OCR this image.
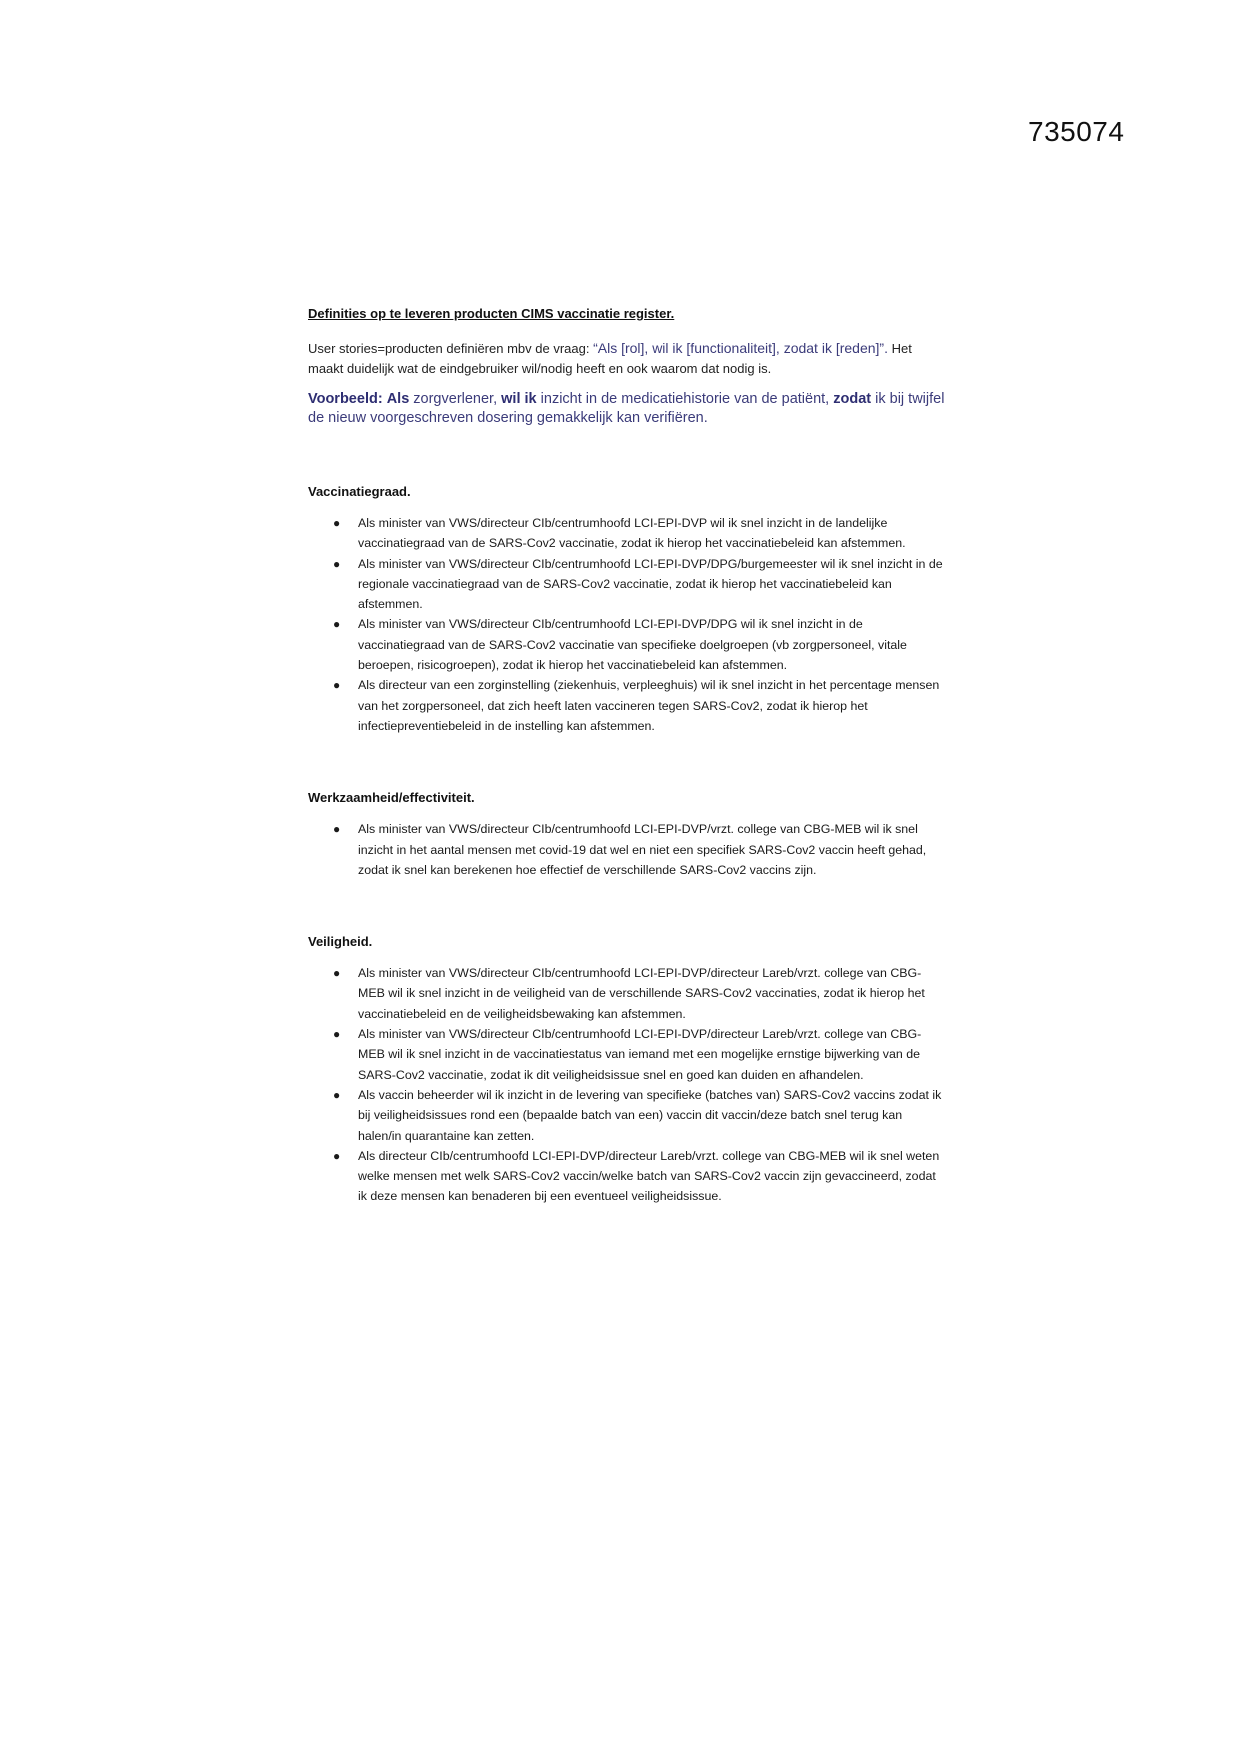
735074

Definities op te leveren producten CIMS vaccinatie register.

User stories=producten definiëren mbv de vraag: “Als [rol], wil ik [functionaliteit], zodat ik [reden]”. Het maakt duidelijk wat de eindgebruiker wil/nodig heeft en ook waarom dat nodig is.

Voorbeeld: Als zorgverlener, wil ik inzicht in de medicatiehistorie van de patiënt, zodat ik bij twijfel de nieuw voorgeschreven dosering gemakkelijk kan verifiëren.

Vaccinatiegraad.

● Als minister van VWS/directeur CIb/centrumhoofd LCI-EPI-DVP wil ik snel inzicht in de landelijke vaccinatiegraad van de SARS-Cov2 vaccinatie, zodat ik hierop het vaccinatiebeleid kan afstemmen.
● Als minister van VWS/directeur CIb/centrumhoofd LCI-EPI-DVP/DPG/burgemeester wil ik snel inzicht in de regionale vaccinatiegraad van de SARS-Cov2 vaccinatie, zodat ik hierop het vaccinatiebeleid kan afstemmen.
● Als minister van VWS/directeur CIb/centrumhoofd LCI-EPI-DVP/DPG wil ik snel inzicht in de vaccinatiegraad van de SARS-Cov2 vaccinatie van specifieke doelgroepen (vb zorgpersoneel, vitale beroepen, risicogroepen), zodat ik hierop het vaccinatiebeleid kan afstemmen.
● Als directeur van een zorginstelling (ziekenhuis, verpleeghuis) wil ik snel inzicht in het percentage mensen van het zorgpersoneel, dat zich heeft laten vaccineren tegen SARS-Cov2, zodat ik hierop het infectiepreventiebeleid in de instelling kan afstemmen.

Werkzaamheid/effectiviteit.

● Als minister van VWS/directeur CIb/centrumhoofd LCI-EPI-DVP/vrzt. college van CBG-MEB wil ik snel inzicht in het aantal mensen met covid-19 dat wel en niet een specifiek SARS-Cov2 vaccin heeft gehad, zodat ik snel kan berekenen hoe effectief de verschillende SARS-Cov2 vaccins zijn.

Veiligheid.

● Als minister van VWS/directeur CIb/centrumhoofd LCI-EPI-DVP/directeur Lareb/vrzt. college van CBG-MEB wil ik snel inzicht in de veiligheid van de verschillende SARS-Cov2 vaccinaties, zodat ik hierop het vaccinatiebeleid en de veiligheidsbewaking kan afstemmen.
● Als minister van VWS/directeur CIb/centrumhoofd LCI-EPI-DVP/directeur Lareb/vrzt. college van CBG-MEB wil ik snel inzicht in de vaccinatiestatus van iemand met een mogelijke ernstige bijwerking van de SARS-Cov2 vaccinatie, zodat ik dit veiligheidsissue snel en goed kan duiden en afhandelen.
● Als vaccin beheerder wil ik inzicht in de levering van specifieke (batches van) SARS-Cov2 vaccins zodat ik bij veiligheidsissues rond een (bepaalde batch van een) vaccin dit vaccin/deze batch snel terug kan halen/in quarantaine kan zetten.
● Als directeur CIb/centrumhoofd LCI-EPI-DVP/directeur Lareb/vrzt. college van CBG-MEB wil ik snel weten welke mensen met welk SARS-Cov2 vaccin/welke batch van SARS-Cov2 vaccin zijn gevaccineerd, zodat ik deze mensen kan benaderen bij een eventueel veiligheidsissue.
